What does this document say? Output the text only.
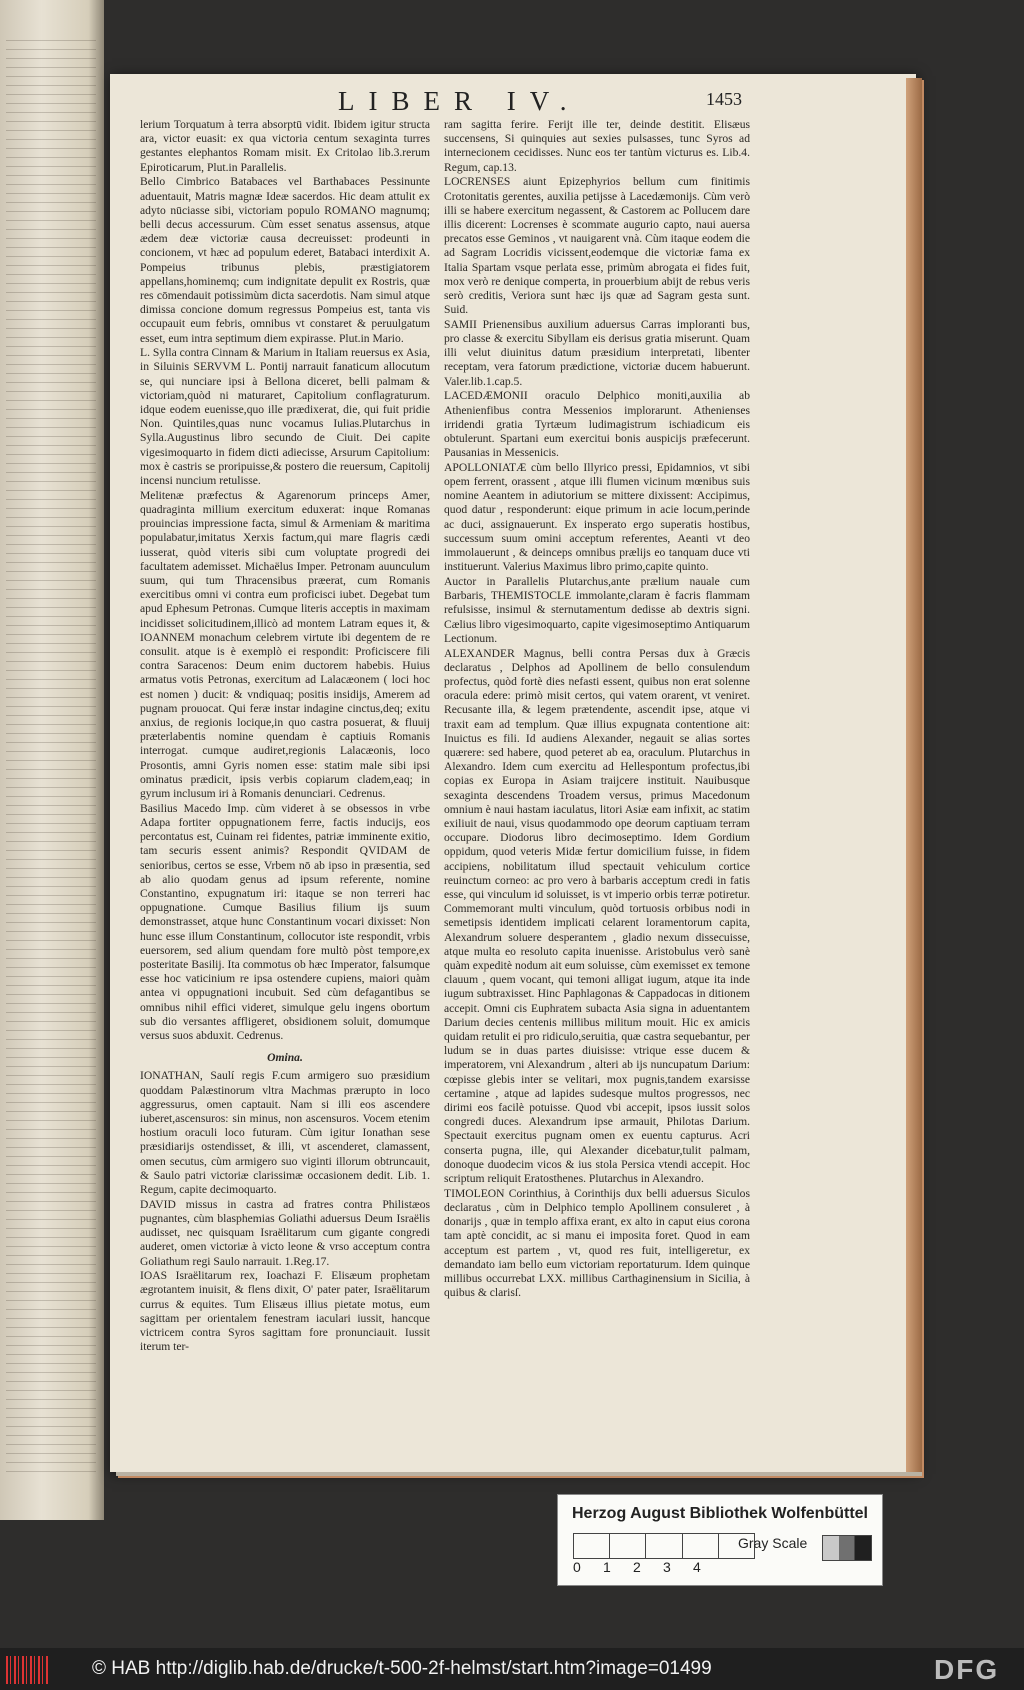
LIBER IV.	1453

lerium Torquatum à terra absorptū vidit. Ibidem igitur structa ara, victor euasit: ex qua victoria centum sexaginta turres gestantes elephantos Romam misit. Ex Critolao lib.3.rerum Epiroticarum, Plut.in Parallelis.

Bello Cimbrico Batabaces vel Barthabaces Pessinunte aduentauit, Matris magnæ Ideæ sacerdos. Hic deam attulit ex adyto nūciasse sibi, victoriam populo ROMANO magnumq; belli decus accessurum. Cùm esset senatus assensus, atque ædem deæ victoriæ causa decreuisset: prodeunti in concionem, vt hæc ad populum ederet, Batabaci interdixit A. Pompeius tribunus plebis, præstigiatorem appellans,hominemq; cum indignitate depulit ex Rostris, quæ res cōmendauit potissimùm dicta sacerdotis. Nam simul atque dimissa concione domum regressus Pompeius est, tanta vis occupauit eum febris, omnibus vt constaret & peruulgatum esset, eum intra septimum diem expirasse. Plut.in Mario.

L. Sylla contra Cinnam & Marium in Italiam reuersus ex Asia, in Siluinis SERVVM L. Pontij narrauit fanaticum allocutum se, qui nunciare ipsi à Bellona diceret, belli palmam & victoriam,quòd ni maturaret, Capitolium conflagraturum. idque eodem euenisse,quo ille prædixerat, die, qui fuit pridie Non. Quintiles,quas nunc vocamus Iulias.Plutarchus in Sylla.Augustinus libro secundo de Ciuit. Dei capite vigesimoquarto in fidem dicti adiecisse, Arsurum Capitolium: mox è castris se proripuisse,& postero die reuersum, Capitolij incensi nuncium retulisse.

Melitenæ præfectus & Agarenorum princeps Amer, quadraginta millium exercitum eduxerat: inque Romanas prouincias impressione facta, simul & Armeniam & maritima populabatur,imitatus Xerxis factum,qui mare flagris cædi iusserat, quòd viteris sibi cum voluptate progredi dei facultatem ademisset. Michaëlus Imper. Petronam auunculum suum, qui tum Thracensibus præerat, cum Romanis exercitibus omni vi contra eum proficisci iubet. Degebat tum apud Ephesum Petronas. Cumque literis acceptis in maximam incidisset solicitudinem,illicò ad montem Latram eques it, & IOANNEM monachum celebrem virtute ibi degentem de re consulit. atque is è exemplò ei respondit: Proficiscere fili contra Saracenos: Deum enim ductorem habebis. Huius armatus votis Petronas, exercitum ad Lalacæonem ( loci hoc est nomen ) ducit: & vndiquaq; positis insidijs, Amerem ad pugnam prouocat. Qui feræ instar indagine cinctus,deq; exitu anxius, de regionis locique,in quo castra posuerat, & fluuij præterlabentis nomine quendam è captiuis Romanis interrogat. cumque audiret,regionis Lalacæonis, loco Prosontis, amni Gyris nomen esse: statim male sibi ipsi ominatus prædicit, ipsis verbis copiarum cladem,eaq; in gyrum inclusum iri à Romanis denunciari. Cedrenus.

Basilius Macedo Imp. cùm videret à se obsessos in vrbe Adapa fortiter oppugnationem ferre, factis inducijs, eos percontatus est, Cuinam rei fidentes, patriæ imminente exitio, tam securis essent animis? Respondit QVIDAM de senioribus, certos se esse, Vrbem nō ab ipso in præsentia, sed ab alio quodam genus ad ipsum referente, nomine Constantino, expugnatum iri: itaque se non terreri hac oppugnatione. Cumque Basilius filium ijs suum demonstrasset, atque hunc Constantinum vocari dixisset: Non hunc esse illum Constantinum, collocutor iste respondit, vrbis euersorem, sed alium quendam fore multò pòst tempore,ex posteritate Basilij. Ita commotus ob hæc Imperator, falsumque esse hoc vaticinium re ipsa ostendere cupiens, maiori quàm antea vi oppugnationi incubuit. Sed cùm defagantibus se omnibus nihil effici videret, simulque gelu ingens obortum sub dio versantes affligeret, obsidionem soluit, domumque versus suos abduxit. Cedrenus.

Omina.

IONATHAN, Saulí regis F.cum armigero suo præsidium quoddam Palæstinorum vltra Machmas prærupto in loco aggressurus, omen captauit. Nam si illi eos ascendere iuberet,ascensuros: sin minus, non ascensuros. Vocem etenim hostium oraculi loco futuram. Cùm igitur Ionathan sese præsidiarijs ostendisset, & illi, vt ascenderet, clamassent, omen secutus, cùm armigero suo viginti illorum obtruncauit, & Saulo patri victoriæ clarissimæ occasionem dedit. Lib. 1. Regum, capite decimoquarto.

DAVID missus in castra ad fratres contra Philistæos pugnantes, cùm blasphemias Goliathi aduersus Deum Israëlis audisset, nec quisquam Israëlitarum cum gigante congredi auderet, omen victoriæ à victo leone & vrso acceptum contra Goliathum regi Saulo narrauit. 1.Reg.17.

IOAS Israëlitarum rex, Ioachazi F. Elisæum prophetam ægrotantem inuisit, & flens dixit, O' pater pater, Israëlitarum currus & equites. Tum Elisæus illius pietate motus, eum sagittam per orientalem fenestram iaculari iussit, hancque victricem contra Syros sagittam fore pronunciauit. Iussit iterum ter-

ram sagitta ferire. Ferijt ille ter, deinde destitit. Elisæus succensens, Si quinquies aut sexies pulsasses, tunc Syros ad internecionem cecidisses. Nunc eos ter tantùm victurus es. Lib.4. Regum, cap.13.

LOCRENSES aiunt Epizephyrios bellum cum finitimis Crotonitatis gerentes, auxilia petijsse à Lacedæmonijs. Cùm verò illi se habere exercitum negassent, & Castorem ac Pollucem dare illis dicerent: Locrenses è scommate augurio capto, naui auersa precatos esse Geminos , vt nauigarent vnà. Cùm itaque eodem die ad Sagram Locridis vicissent,eodemque die victoriæ fama ex Italia Spartam vsque perlata esse, primùm abrogata ei fides fuit, mox verò re denique comperta, in prouerbium abijt de rebus veris serò creditis, Veriora sunt hæc ijs quæ ad Sagram gesta sunt. Suid.

SAMII Prienensibus auxilium aduersus Carras imploranti bus, pro classe & exercitu Sibyllam eis derisus gratia miserunt. Quam illi velut diuinitus datum præsidium interpretati, libenter receptam, vera fatorum prædictione, victoriæ ducem habuerunt. Valer.lib.1.cap.5.

LACEDÆMONII oraculo Delphico moniti,auxilia ab Athenienfibus contra Messenios implorarunt. Athenienses irridendi gratia Tyrtæum ludimagistrum ischiadicum eis obtulerunt. Spartani eum exercitui bonis auspicijs præfecerunt. Pausanias in Messenicis.

APOLLONIATÆ cùm bello Illyrico pressi, Epidamnios, vt sibi opem ferrent, orassent , atque illi flumen vicinum mœnibus suis nomine Aeantem in adiutorium se mittere dixissent: Accipimus, quod datur , responderunt: eique primum in acie locum,perinde ac duci, assignauerunt. Ex insperato ergo superatis hostibus, successum suum omini acceptum referentes, Aeanti vt deo immolauerunt , & deinceps omnibus prælijs eo tanquam duce vti instituerunt. Valerius Maximus libro primo,capite quinto.

Auctor in Parallelis Plutarchus,ante prælium nauale cum Barbaris, THEMISTOCLE immolante,claram è facris flammam refulsisse, insimul & sternutamentum dedisse ab dextris signi. Cælius libro vigesimoquarto, capite vigesimoseptimo Antiquarum Lectionum.

ALEXANDER Magnus, belli contra Persas dux à Græcis declaratus , Delphos ad Apollinem de bello consulendum profectus, quòd fortè dies nefasti essent, quibus non erat solenne oracula edere: primò misit certos, qui vatem orarent, vt veniret. Recusante illa, & legem prætendente, ascendit ipse, atque vi traxit eam ad templum. Quæ illius expugnata contentione ait: Inuictus es fili. Id audiens Alexander, negauit se alias sortes quærere: sed habere, quod peteret ab ea, oraculum. Plutarchus in Alexandro. Idem cum exercitu ad Hellespontum profectus,ibi copias ex Europa in Asiam traijcere instituit. Nauibusque sexaginta descendens Troadem versus, primus Macedonum omnium è naui hastam iaculatus, litori Asiæ eam infixit, ac statim exiliuit de naui, visus quodammodo ope deorum captiuam terram occupare. Diodorus libro decimoseptimo. Idem Gordium oppidum, quod veteris Midæ fertur domicilium fuisse, in fidem accipiens, nobilitatum illud spectauit vehiculum cortice reuinctum corneo: ac pro vero à barbaris acceptum credi in fatis esse, qui vinculum id soluisset, is vt imperio orbis terræ potiretur. Commemorant multi vinculum, quòd tortuosis orbibus nodi in semetipsis identidem implicati celarent loramentorum capita, Alexandrum soluere desperantem , gladio nexum dissecuisse, atque multa eo resoluto capita inuenisse. Aristobulus verò sanè quàm expeditè nodum ait eum soluisse, cùm exemisset ex temone clauum , quem vocant, qui temoni alligat iugum, atque ita inde iugum subtraxisset. Hinc Paphlagonas & Cappadocas in ditionem accepit. Omni cis Euphratem subacta Asia signa in aduentantem Darium decies centenis millibus militum mouit. Hic ex amicis quidam retulit ei pro ridiculo,seruitia, quæ castra sequebantur, per ludum se in duas partes diuisisse: vtrique esse ducem & imperatorem, vni Alexandrum , alteri ab ijs nuncupatum Darium: cœpisse glebis inter se velitari, mox pugnis,tandem exarsisse certamine , atque ad lapides sudesque multos progressos, nec dirimi eos facilè potuisse. Quod vbi accepit, ipsos iussit solos congredi duces. Alexandrum ipse armauit, Philotas Darium. Spectauit exercitus pugnam omen ex euentu capturus. Acri conserta pugna, ille, qui Alexander dicebatur,tulit palmam, donoque duodecim vicos & ius stola Persica vtendi accepit. Hoc scriptum reliquit Eratosthenes. Plutarchus in Alexandro.

TIMOLEON Corinthius, à Corinthijs dux belli aduersus Siculos declaratus , cùm in Delphico templo Apollinem consuleret , à donarijs , quæ in templo affixa erant, ex alto in caput eius corona tam aptè concidit, ac si manu ei imposita foret. Quod in eam acceptum est partem , vt, quod res fuit, intelligeretur, ex demandato iam bello eum victoriam reportaturum. Idem quinque millibus occurrebat LXX. millibus Carthaginensium in Sicilia, à quibus & clarisſ.

Herzog August Bibliothek Wolfenbüttel
0	1	2	3	4
Gray Scale
© HAB http://diglib.hab.de/drucke/t-500-2f-helmst/start.htm?image=01499	DFG
